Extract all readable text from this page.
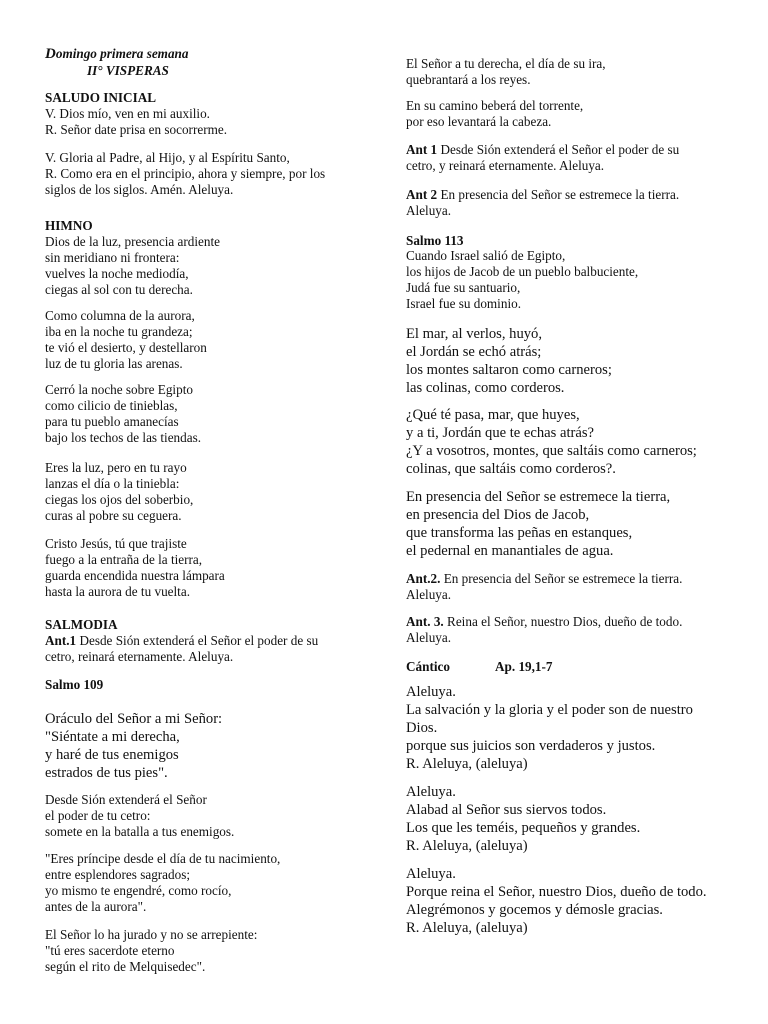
Domingo primera semana

II° VISPERAS

SALUDO INICIAL

V. Dios mío, ven en mi auxilio.
R. Señor date prisa en socorrerme.

V. Gloria al Padre, al Hijo, y al Espíritu Santo,
R. Como era en el principio, ahora y siempre, por los
siglos de los siglos. Amén. Aleluya.

HIMNO

Dios de la luz, presencia ardiente
sin meridiano ni frontera:
vuelves la noche mediodía,
ciegas al sol con tu derecha.

Como columna de la aurora,
iba en la noche tu grandeza;
te vió el desierto, y destellaron
luz de tu gloria las arenas.

Cerró la noche sobre Egipto
como cilicio de tinieblas,
para tu pueblo amanecías
bajo los techos de las tiendas.

Eres la luz, pero en tu rayo
lanzas el día o la tiniebla:
ciegas los ojos del soberbio,
curas al pobre su ceguera.

Cristo Jesús, tú que trajiste
fuego a la entraña de la tierra,
guarda encendida nuestra lámpara
hasta la aurora de tu vuelta.

SALMODIA

Ant.1 Desde Sión extenderá el Señor el poder de su
cetro, reinará eternamente. Aleluya.

Salmo 109

Oráculo del Señor a mi Señor:
"Siéntate a mi derecha,
y haré de tus enemigos
estrados de tus pies".

Desde Sión extenderá el Señor
el poder de tu cetro:
somete en la batalla a tus enemigos.

"Eres príncipe desde el día de tu nacimiento,
entre esplendores sagrados;
yo mismo te engendré, como rocío,
antes de la aurora".

El Señor lo ha jurado y no se arrepiente:
"tú eres sacerdote eterno
según el rito de Melquisedec".

El Señor a tu derecha, el día de su ira,
quebrantará a los reyes.

En su camino beberá del torrente,
por eso levantará la cabeza.

Ant 1 Desde Sión extenderá el Señor el poder de su
cetro, y reinará eternamente. Aleluya.

Ant 2 En presencia del Señor se estremece la tierra.
Aleluya.

Salmo 113

Cuando Israel salió de Egipto,
los hijos de Jacob de un pueblo balbuciente,
Judá fue su santuario,
Israel fue su dominio.

El mar, al verlos, huyó,
el Jordán se echó atrás;
los montes saltaron como carneros;
las colinas, como corderos.

¿Qué té pasa, mar, que huyes,
y a ti, Jordán que te echas atrás?
¿Y a vosotros, montes, que saltáis como carneros;
colinas, que saltáis como corderos?.

En presencia del Señor se estremece la tierra,
en presencia del Dios de Jacob,
que transforma las peñas en estanques,
el pedernal en manantiales de agua.

Ant.2. En presencia del Señor se estremece la tierra.
Aleluya.

Ant. 3. Reina el Señor, nuestro Dios, dueño de todo.
Aleluya.

Cántico	Ap. 19,1-7

Aleluya.
La salvación y la gloria y el poder son de nuestro
Dios.
porque sus juicios son verdaderos y justos.
R. Aleluya, (aleluya)

Aleluya.
Alabad al Señor sus siervos todos.
Los que les teméis, pequeños y grandes.
R. Aleluya, (aleluya)

Aleluya.
Porque reina el Señor, nuestro Dios, dueño de todo.
Alegrémonos y gocemos y démosle gracias.
R. Aleluya, (aleluya)
